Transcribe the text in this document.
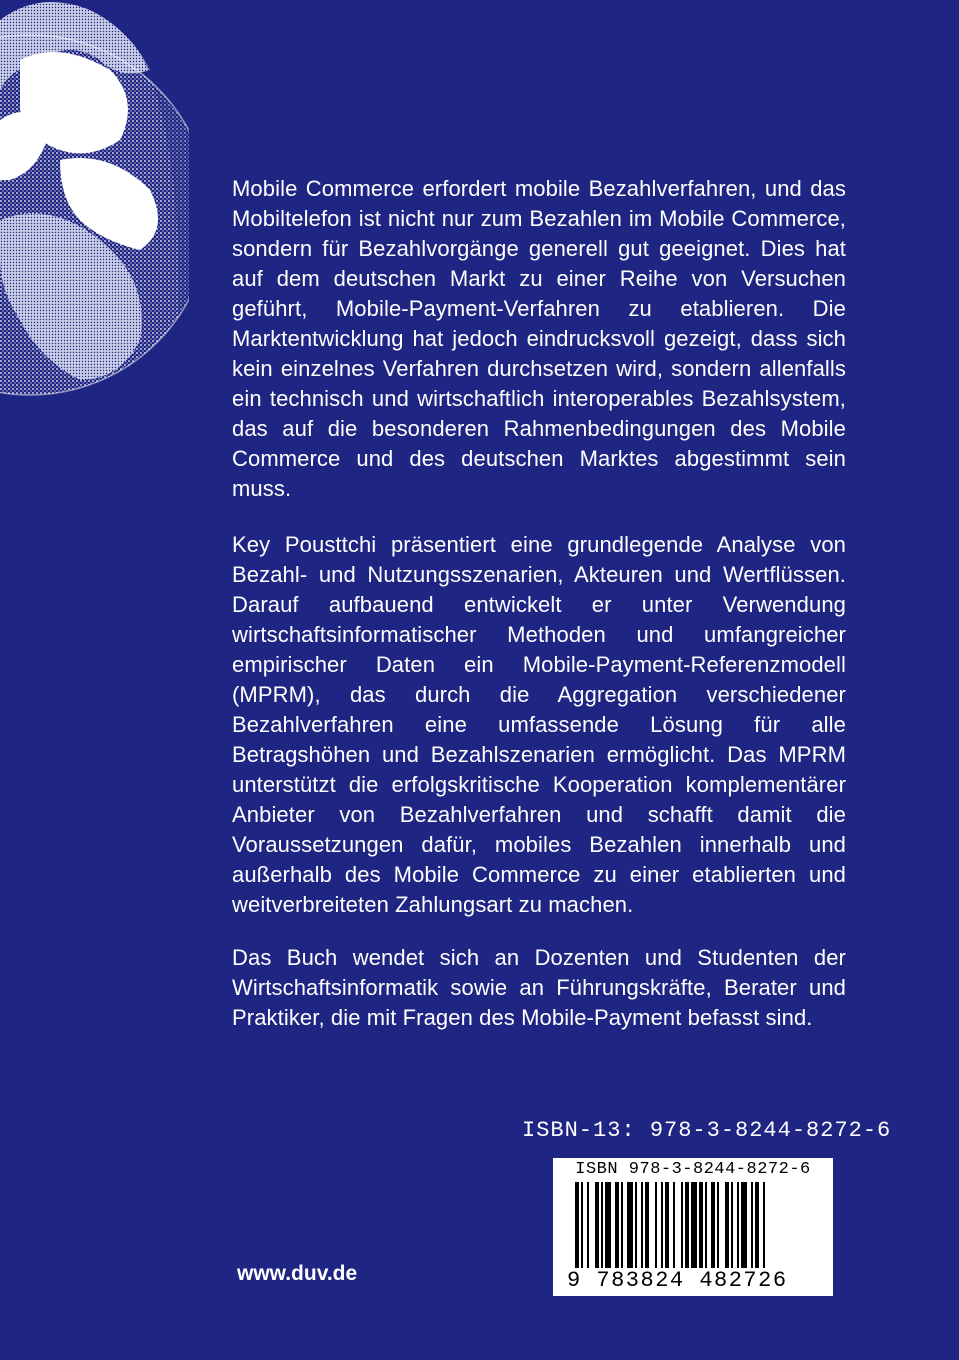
Mobile Commerce erfordert mobile Bezahlverfahren, und das Mobiltelefon ist nicht nur zum Bezahlen im Mobile Commerce, sondern für Bezahlvorgänge generell gut geeignet. Dies hat auf dem deutschen Markt zu einer Reihe von Versuchen geführt, Mobile-Payment-Verfahren zu etablieren. Die Marktentwicklung hat jedoch eindrucksvoll gezeigt, dass sich kein einzelnes Verfahren durchsetzen wird, sondern allenfalls ein technisch und wirtschaftlich interoperables Bezahlsystem, das auf die besonderen Rahmenbedingungen des Mobile Commerce und des deutschen Marktes abgestimmt sein muss.
Key Pousttchi präsentiert eine grundlegende Analyse von Bezahl- und Nutzungsszenarien, Akteuren und Wertflüssen. Darauf aufbauend entwickelt er unter Verwendung wirtschaftsinformatischer Methoden und umfangreicher empirischer Daten ein Mobile-Payment-Referenzmodell (MPRM), das durch die Aggregation verschiedener Bezahlverfahren eine umfassende Lösung für alle Betragshöhen und Bezahlszenarien ermöglicht. Das MPRM unterstützt die erfolgskritische Kooperation komplementärer Anbieter von Bezahlverfahren und schafft damit die Voraussetzungen dafür, mobiles Bezahlen innerhalb und außerhalb des Mobile Commerce zu einer etablierten und weitverbreiteten Zahlungsart zu machen.
Das Buch wendet sich an Dozenten und Studenten der Wirtschaftsinformatik sowie an Führungskräfte, Berater und Praktiker, die mit Fragen des Mobile-Payment befasst sind.
ISBN-13: 978-3-8244-8272-6
ISBN 978-3-8244-8272-6
9 783824 482726
www.duv.de
